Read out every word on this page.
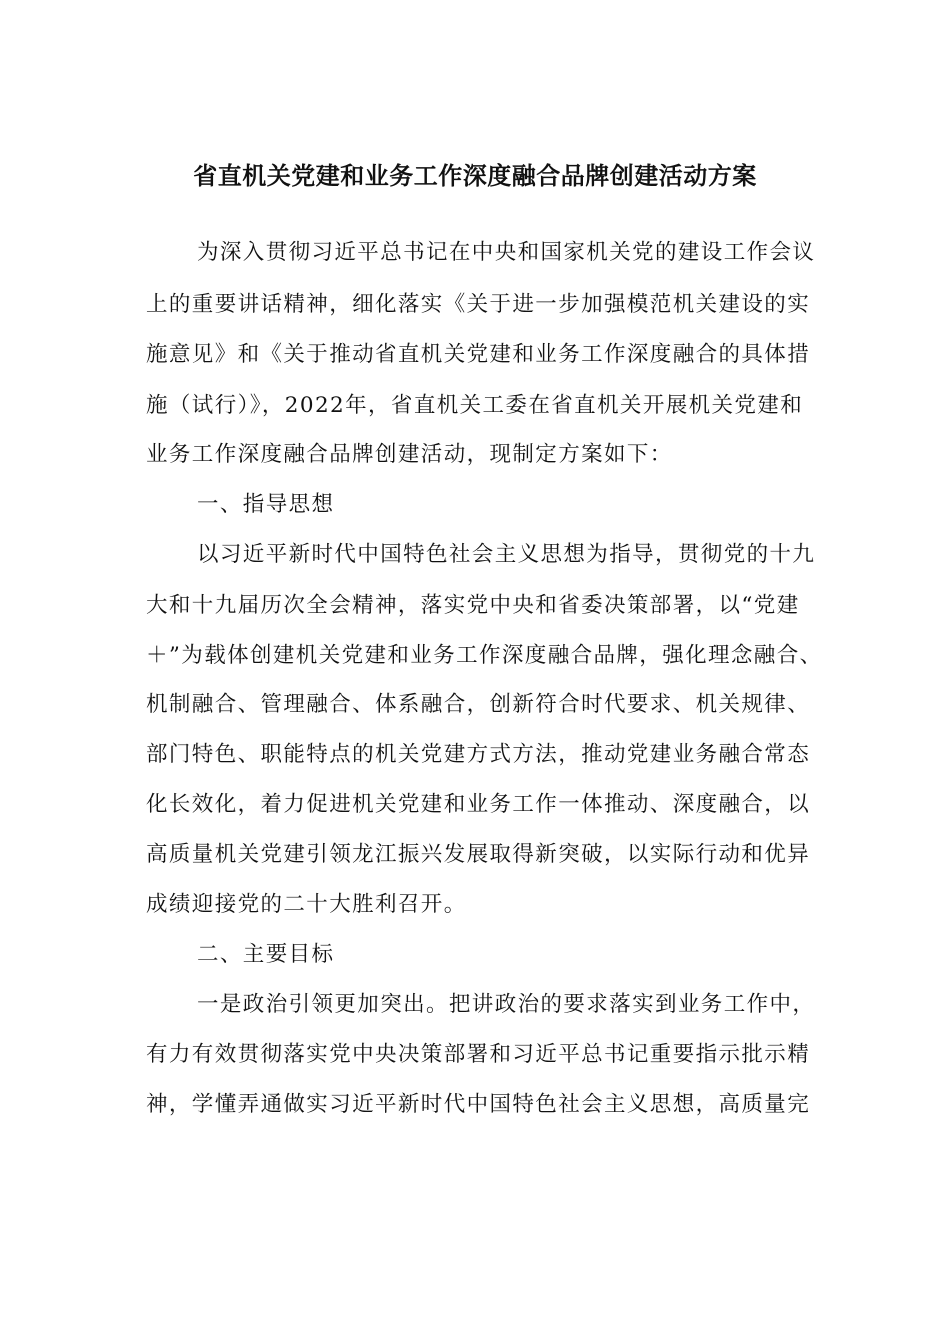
省直机关党建和业务工作深度融合品牌创建活动方案

为深入贯彻习近平总书记在中央和国家机关党的建设工作会议

上的重要讲话精神，细化落实《关于进一步加强模范机关建设的实

施意见》和《关于推动省直机关党建和业务工作深度融合的具体措

施（试行）》，2022年，省直机关工委在省直机关开展机关党建和

业务工作深度融合品牌创建活动，现制定方案如下：

一、指导思想

以习近平新时代中国特色社会主义思想为指导，贯彻党的十九

大和十九届历次全会精神，落实党中央和省委决策部署，以“党建

＋”为载体创建机关党建和业务工作深度融合品牌，强化理念融合、

机制融合、管理融合、体系融合，创新符合时代要求、机关规律、

部门特色、职能特点的机关党建方式方法，推动党建业务融合常态

化长效化，着力促进机关党建和业务工作一体推动、深度融合，以

高质量机关党建引领龙江振兴发展取得新突破，以实际行动和优异

成绩迎接党的二十大胜利召开。

二、主要目标

一是政治引领更加突出。把讲政治的要求落实到业务工作中，

有力有效贯彻落实党中央决策部署和习近平总书记重要指示批示精

神，学懂弄通做实习近平新时代中国特色社会主义思想，高质量完
